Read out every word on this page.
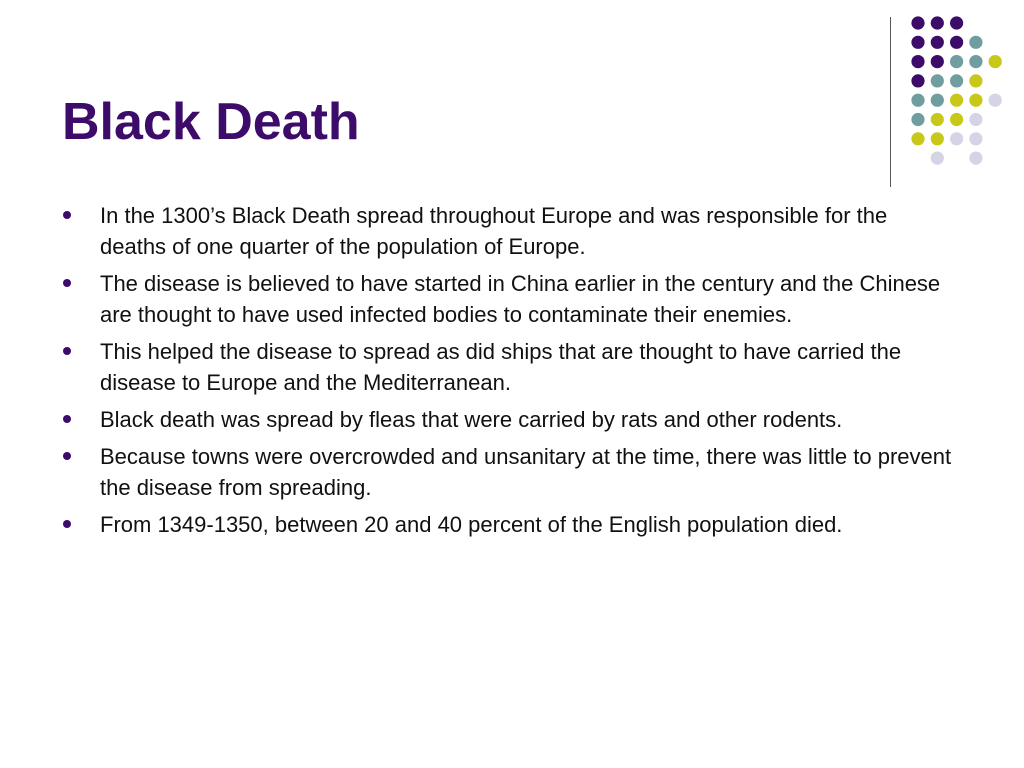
Black Death
In the 1300’s Black Death spread throughout Europe and was responsible for the deaths of one quarter of the population of Europe.
The disease is believed to have started in China earlier in the century and the Chinese are thought to have used infected bodies to contaminate their enemies.
This helped the disease to spread as did ships that are thought to have carried the disease to Europe and the Mediterranean.
Black death was spread by fleas that were carried by rats and other rodents.
Because towns were overcrowded and unsanitary at the time, there was little to prevent the disease from spreading.
From 1349-1350, between 20 and 40 percent of the English population died.
